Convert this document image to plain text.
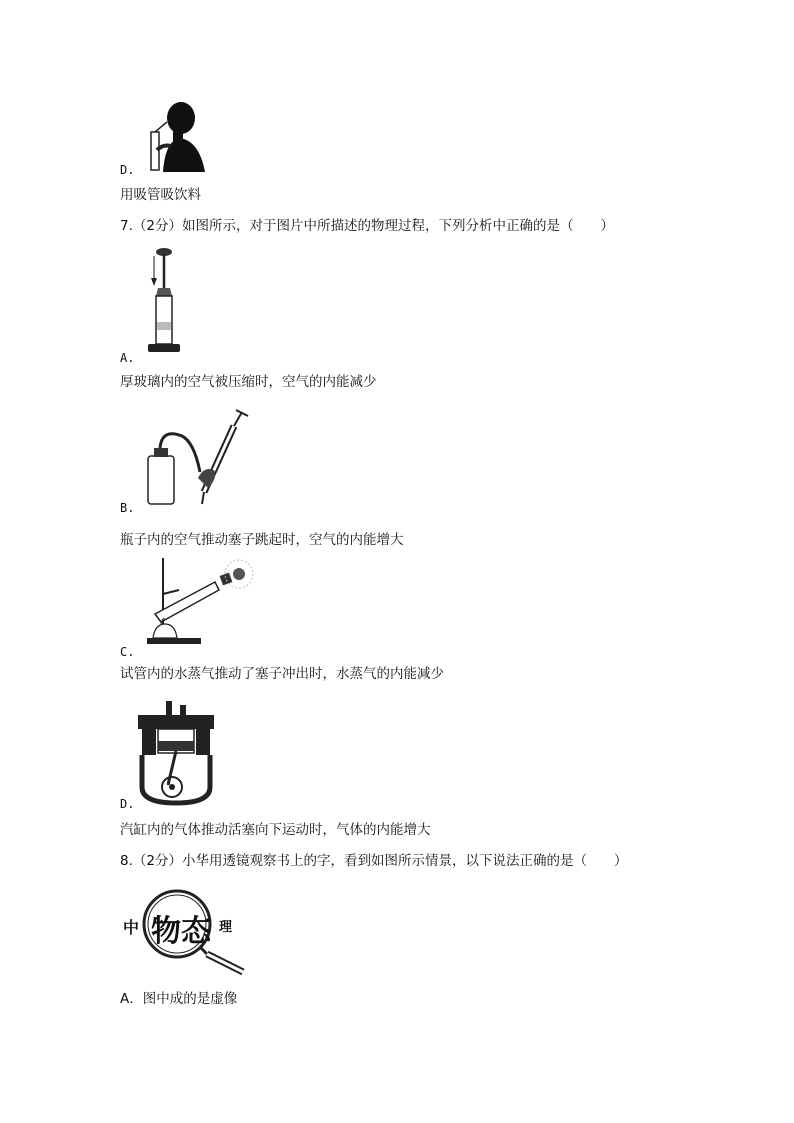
D.
用吸管吸饮料
7.（2分）如图所示，对于图片中所描述的物理过程，下列分析中正确的是（　　）
A.
厚玻璃内的空气被压缩时，空气的内能减少
B.
瓶子内的空气推动塞子跳起时，空气的内能增大
C.
试管内的水蒸气推动了塞子冲出时，水蒸气的内能减少
D.
汽缸内的气体推动活塞向下运动时，气体的内能增大
8.（2分）小华用透镜观察书上的字，看到如图所示情景，以下说法正确的是（　　）
中 物 态 理
A．图中成的是虚像
